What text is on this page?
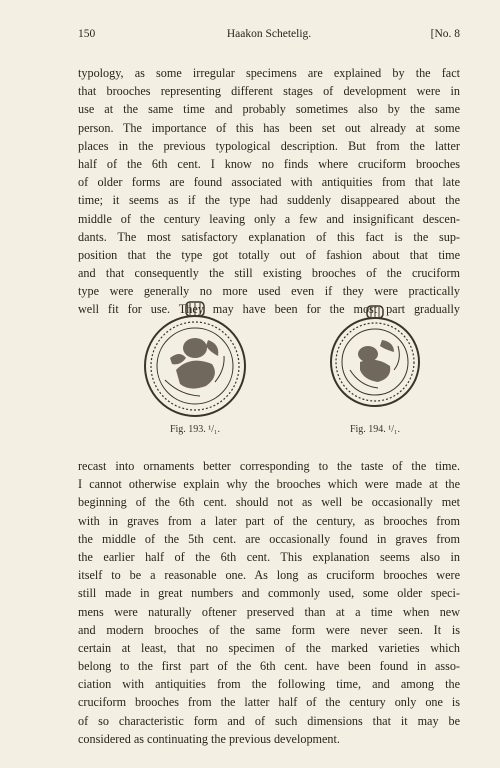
150	Haakon Schetelig.	[No. 8
typology, as some irregular specimens are explained by the fact
that brooches representing different stages of development were in
use at the same time and probably sometimes also by the same
person. The importance of this has been set out already at some
places in the previous typological description. But from the latter
half of the 6th cent. I know no finds where cruciform brooches
of older forms are found associated with antiquities from that late
time; it seems as if the type had suddenly disappeared about the
middle of the century leaving only a few and insignificant descen-
dants. The most satisfactory explanation of this fact is the sup-
position that the type got totally out of fashion about that time
and that consequently the still existing brooches of the cruciform
type were generally no more used even if they were practically
well fit for use. They may have been for the most part gradually
Fig. 193. ¹/₁.	Fig. 194. ¹/₁.
recast into ornaments better corresponding to the taste of the time.
I cannot otherwise explain why the brooches which were made at the
beginning of the 6th cent. should not as well be occasionally met
with in graves from a later part of the century, as brooches from
the middle of the 5th cent. are occasionally found in graves from
the earlier half of the 6th cent. This explanation seems also in
itself to be a reasonable one. As long as cruciform brooches were
still made in great numbers and commonly used, some older speci-
mens were naturally oftener preserved than at a time when new
and modern brooches of the same form were never seen. It is
certain at least, that no specimen of the marked varieties which
belong to the first part of the 6th cent. have been found in asso-
ciation with antiquities from the following time, and among the
cruciform brooches from the latter half of the century only one is
of so characteristic form and of such dimensions that it may be
considered as continuating the previous development.
